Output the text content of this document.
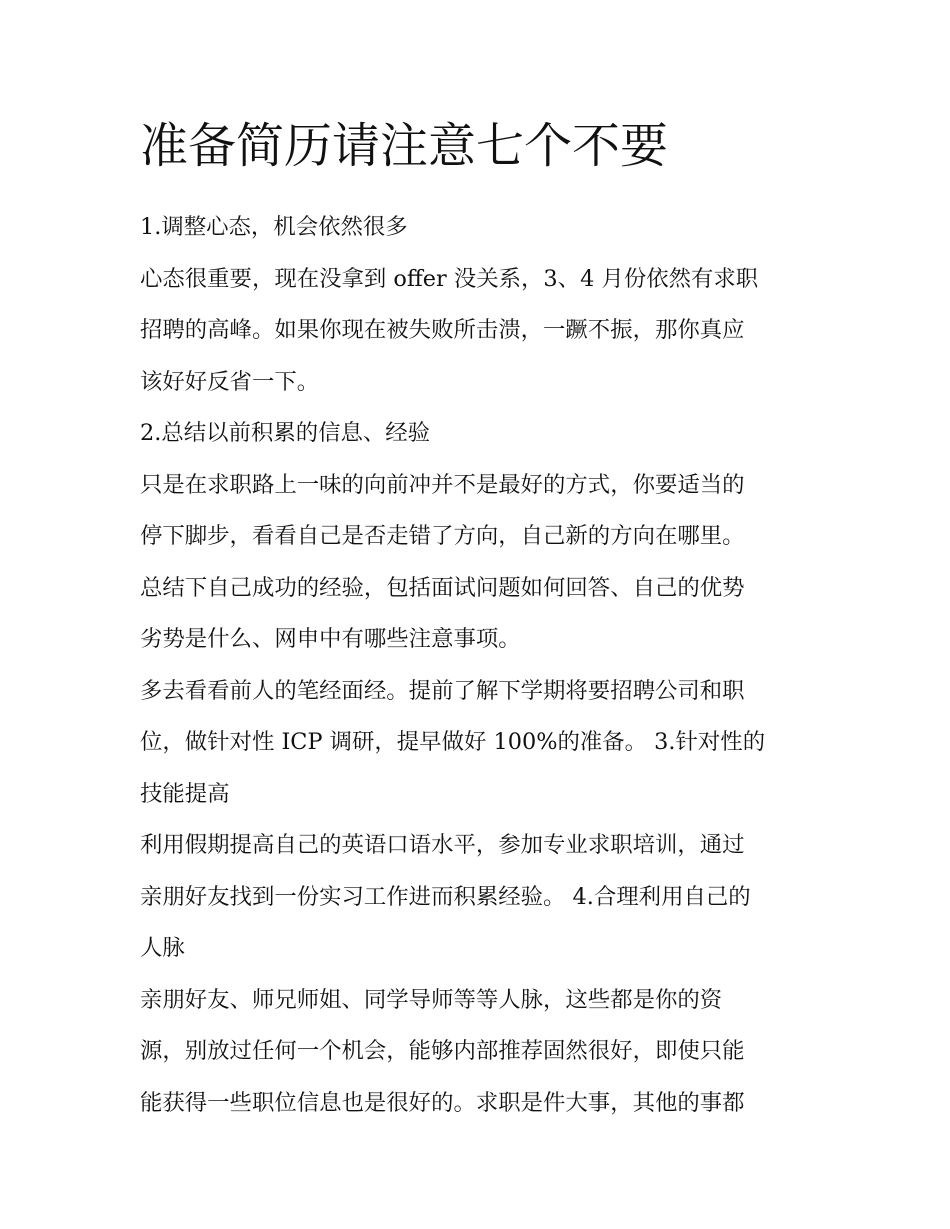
准备简历请注意七个不要

1.调整心态，机会依然很多

心态很重要，现在没拿到 offer 没关系，3、4 月份依然有求职

招聘的高峰。如果你现在被失败所击溃，一蹶不振，那你真应

该好好反省一下。

2.总结以前积累的信息、经验

只是在求职路上一味的向前冲并不是最好的方式，你要适当的

停下脚步，看看自己是否走错了方向，自己新的方向在哪里。

总结下自己成功的经验，包括面试问题如何回答、自己的优势

劣势是什么、网申中有哪些注意事项。

多去看看前人的笔经面经。提前了解下学期将要招聘公司和职

位，做针对性 ICP 调研，提早做好 100%的准备。 3.针对性的

技能提高

利用假期提高自己的英语口语水平，参加专业求职培训，通过

亲朋好友找到一份实习工作进而积累经验。 4.合理利用自己的

人脉

亲朋好友、师兄师姐、同学导师等等人脉，这些都是你的资

源，别放过任何一个机会，能够内部推荐固然很好，即使只能

能获得一些职位信息也是很好的。求职是件大事，其他的事都
